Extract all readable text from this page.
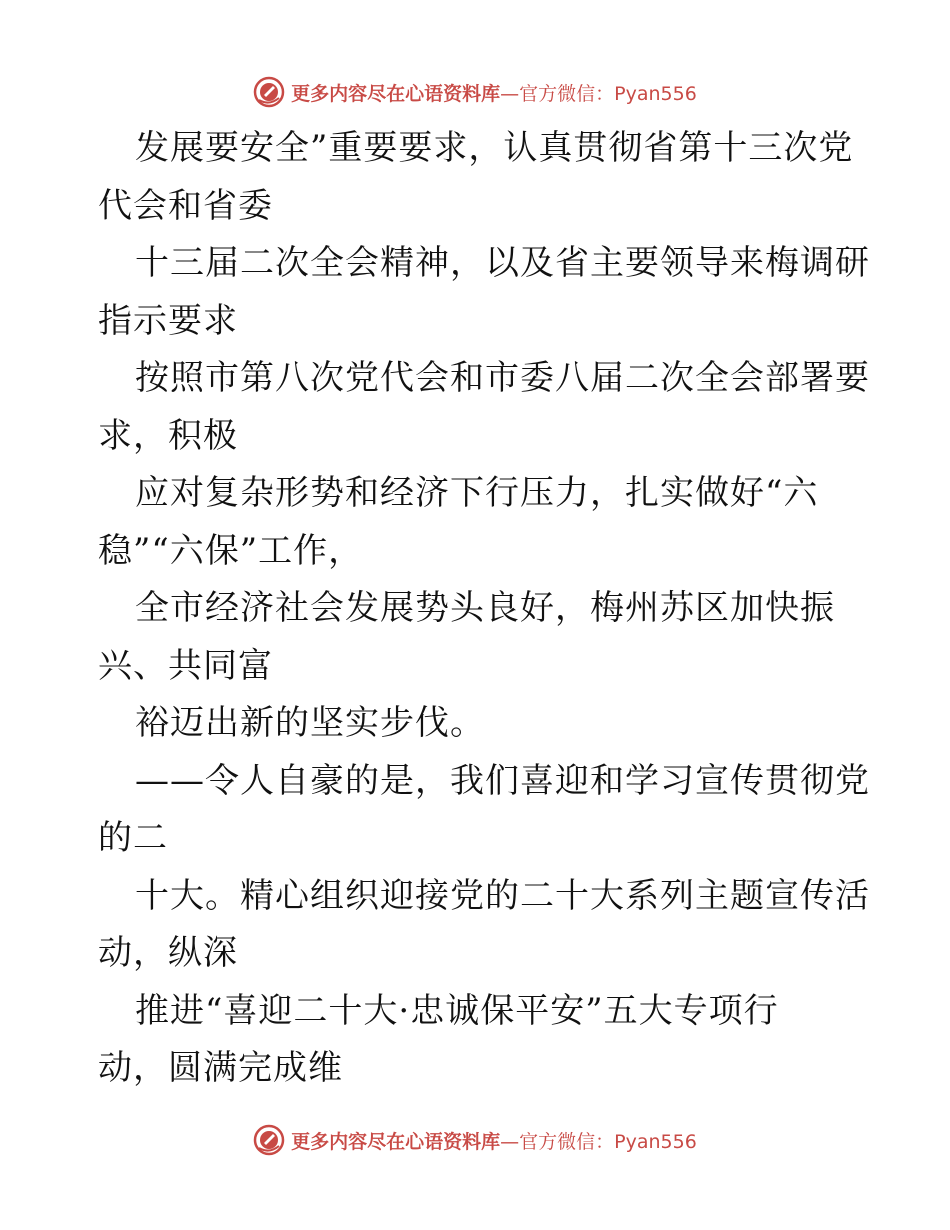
更多内容尽在心语资料库—官方微信：Pyan556
发展要安全”重要要求，认真贯彻省第十三次党
代会和省委
十三届二次全会精神，以及省主要领导来梅调研
指示要求
按照市第八次党代会和市委八届二次全会部署要
求，积极
应对复杂形势和经济下行压力，扎实做好“六
稳”“六保”工作，
全市经济社会发展势头良好，梅州苏区加快振
兴、共同富
裕迈出新的坚实步伐。
——令人自豪的是，我们喜迎和学习宣传贯彻党
的二
十大。精心组织迎接党的二十大系列主题宣传活
动，纵深
推进“喜迎二十大·忠诚保平安”五大专项行
动，圆满完成维
更多内容尽在心语资料库—官方微信：Pyan556
